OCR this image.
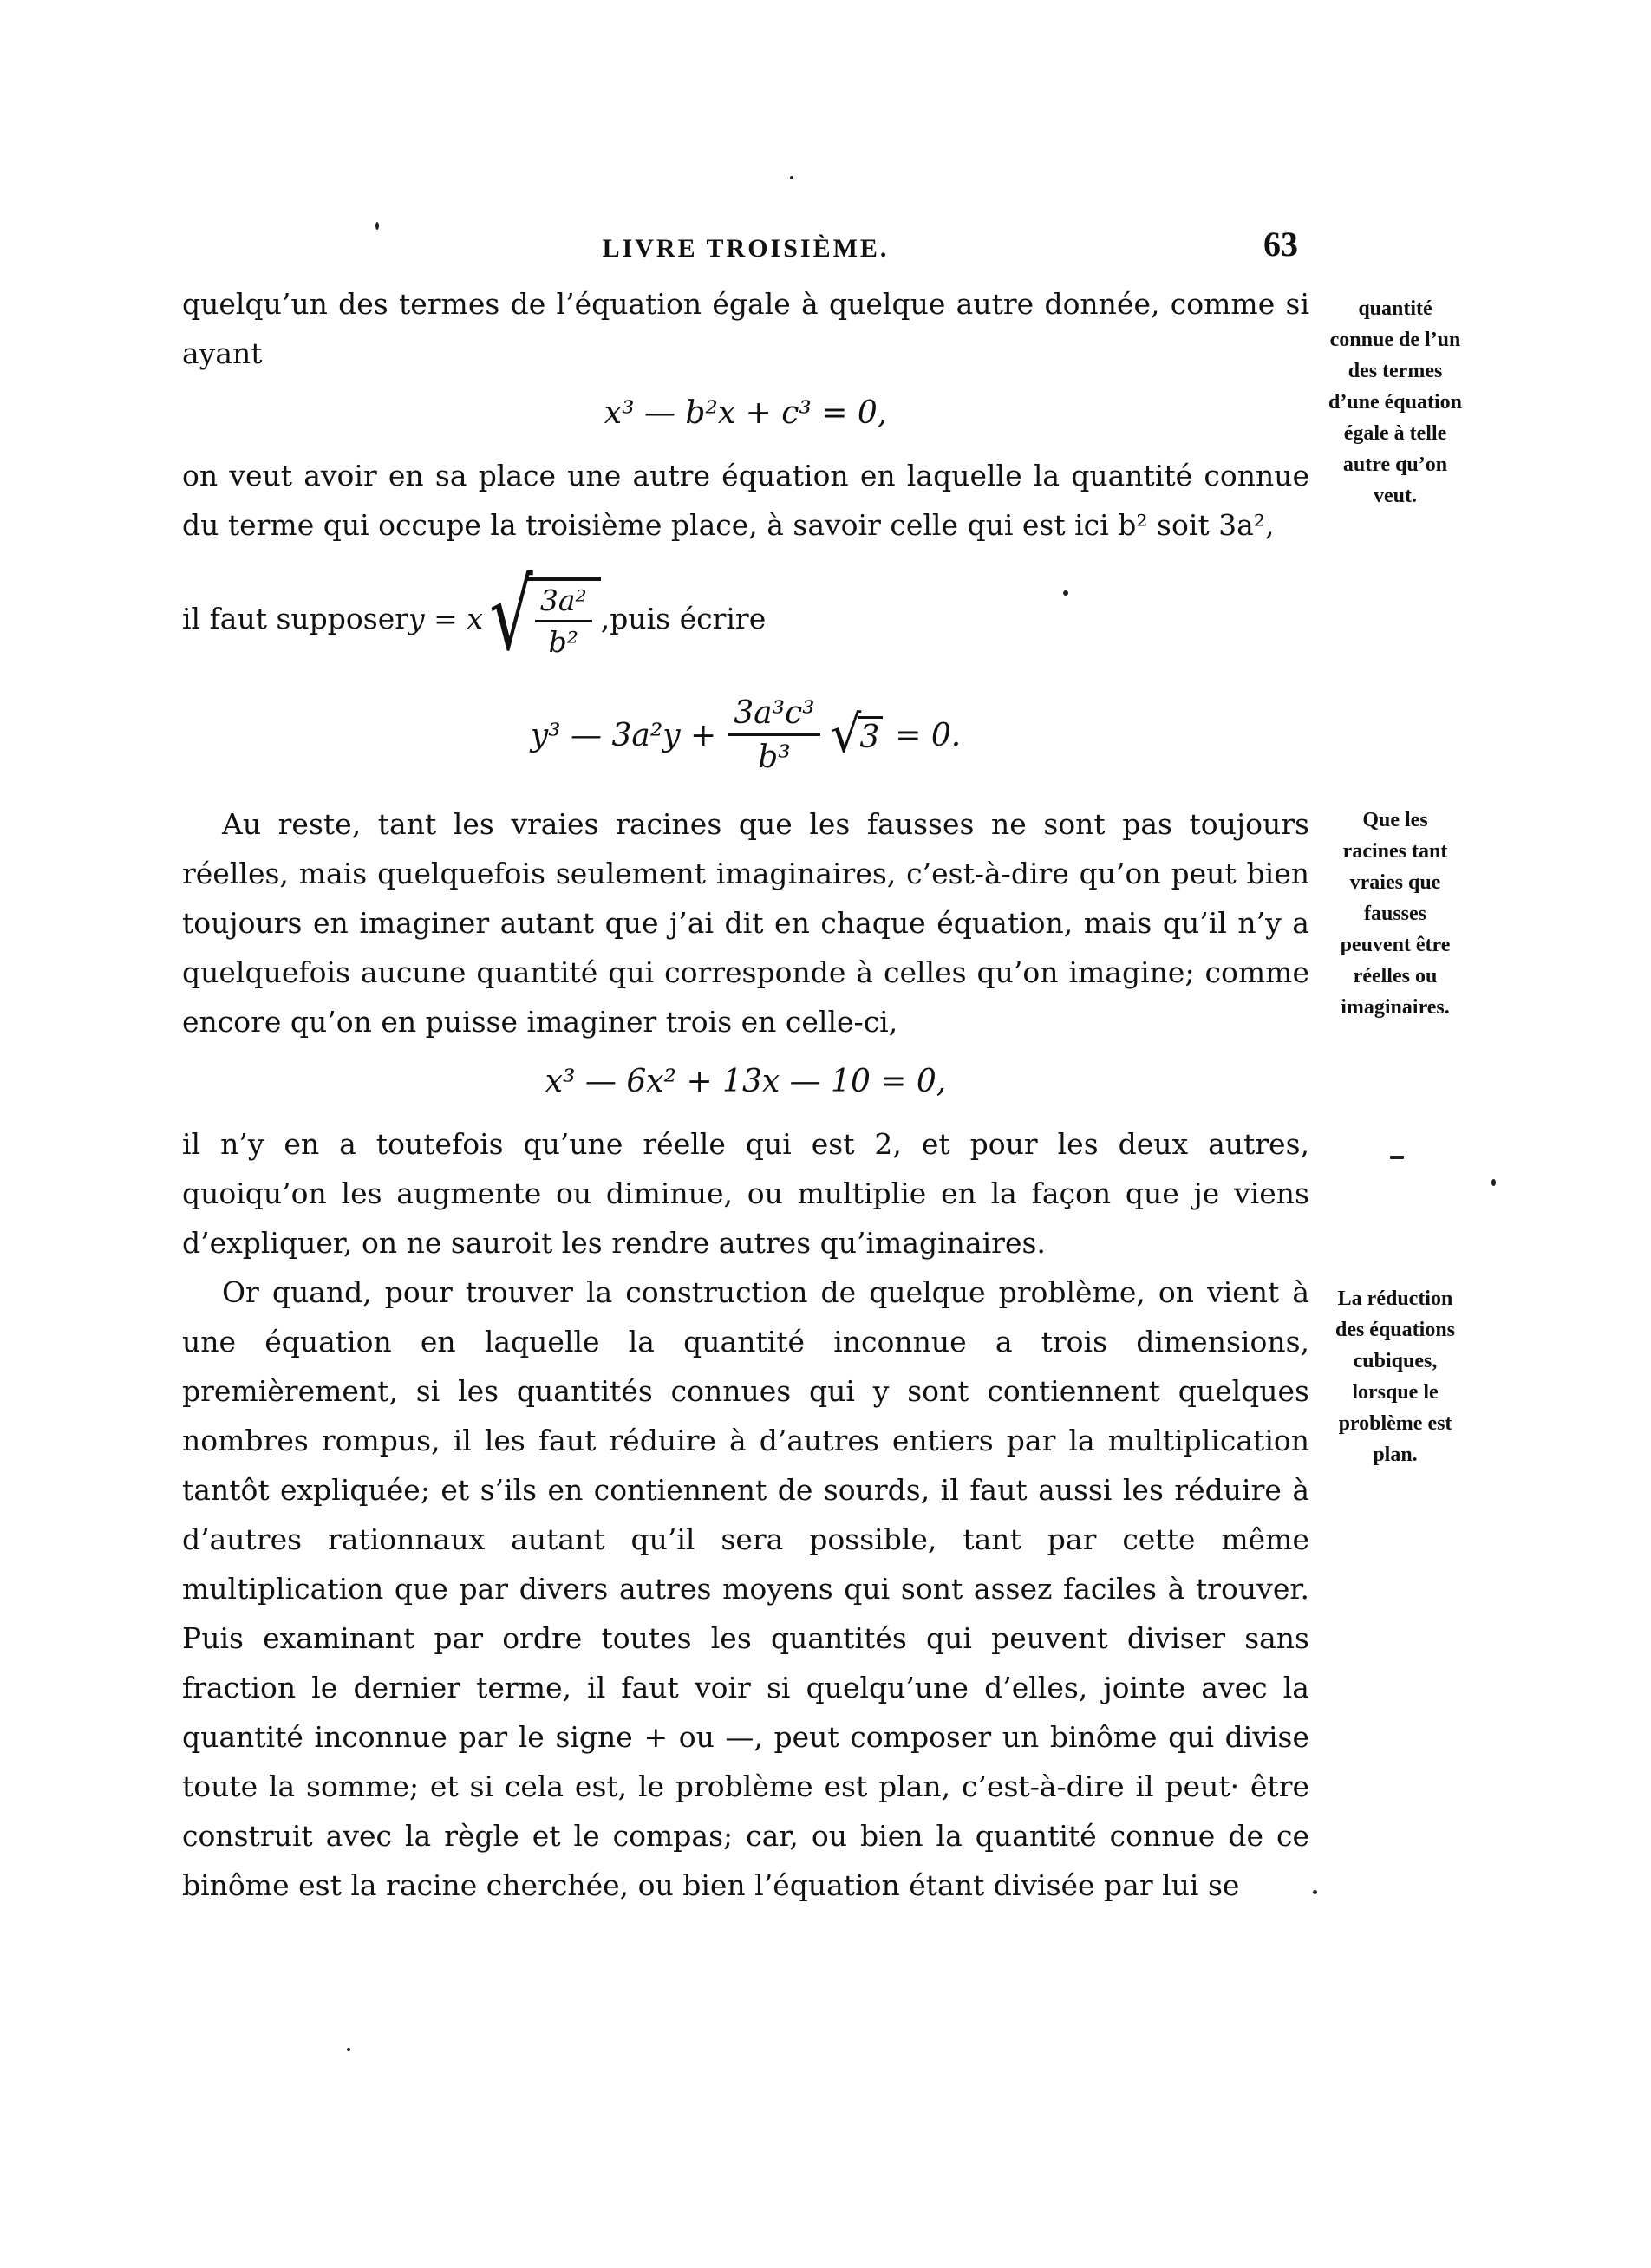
LIVRE TROISIÈME.	63

quelqu’un des termes de l’équation égale à quelque autre donnée, comme si ayant

x³ — b²x + c³ = 0,

on veut avoir en sa place une autre équation en laquelle la quantité connue du terme qui occupe la troisième place, à savoir celle qui est ici b² soit 3a²,

il faut supposer y = x √ $\frac{\text{3a²}}{\text{b²}}$ , puis écrire
y³ — $3a^2y + \frac{\text{3a³c³}}{\text{b³}}$ √
3 = 0.

Au reste, tant les vraies racines que les fausses ne sont pas toujours réelles, mais quelquefois seulement imaginaires, c’est-à-dire qu’on peut bien toujours en imaginer autant que j’ai dit en chaque équation, mais qu’il n’y a quelquefois aucune quantité qui corresponde à celles qu’on imagine; comme encore qu’on en puisse imaginer trois en celle-ci,

x³ — 6x² + 13x — 10 = 0,

il n’y en a toutefois qu’une réelle qui est 2, et pour les deux autres, quoiqu’on les augmente ou diminue, ou multiplie en la façon que je viens d’expliquer, on ne sauroit les rendre autres qu’imaginaires.

Or quand, pour trouver la construction de quelque problème, on vient à une équation en laquelle la quantité inconnue a trois dimensions, premièrement, si les quantités connues qui y sont contiennent quelques nombres rompus, il les faut réduire à d’autres entiers par la multiplication tantôt expliquée; et s’ils en contiennent de sourds, il faut aussi les réduire à d’autres rationnaux autant qu’il sera possible, tant par cette même multiplication que par divers autres moyens qui sont assez faciles à trouver. Puis examinant par ordre toutes les quantités qui peuvent diviser sans fraction le dernier terme, il faut voir si quelqu’une d’elles, jointe avec la quantité inconnue par le signe + ou —, peut composer un binôme qui divise toute la somme; et si cela est, le problème est plan, c’est-à-dire il peut· être construit avec la règle et le compas; car, ou bien la quantité connue de ce binôme est la racine cherchée, ou bien l’équation étant divisée par lui se

quantité
connue de l’un
des termes
d’une équation
égale à telle
autre qu’on
veut.
Que les
racines tant
vraies que
fausses
peuvent être
réelles ou
imaginaires.
La réduction
des équations
cubiques,
lorsque le
problème est
plan.
